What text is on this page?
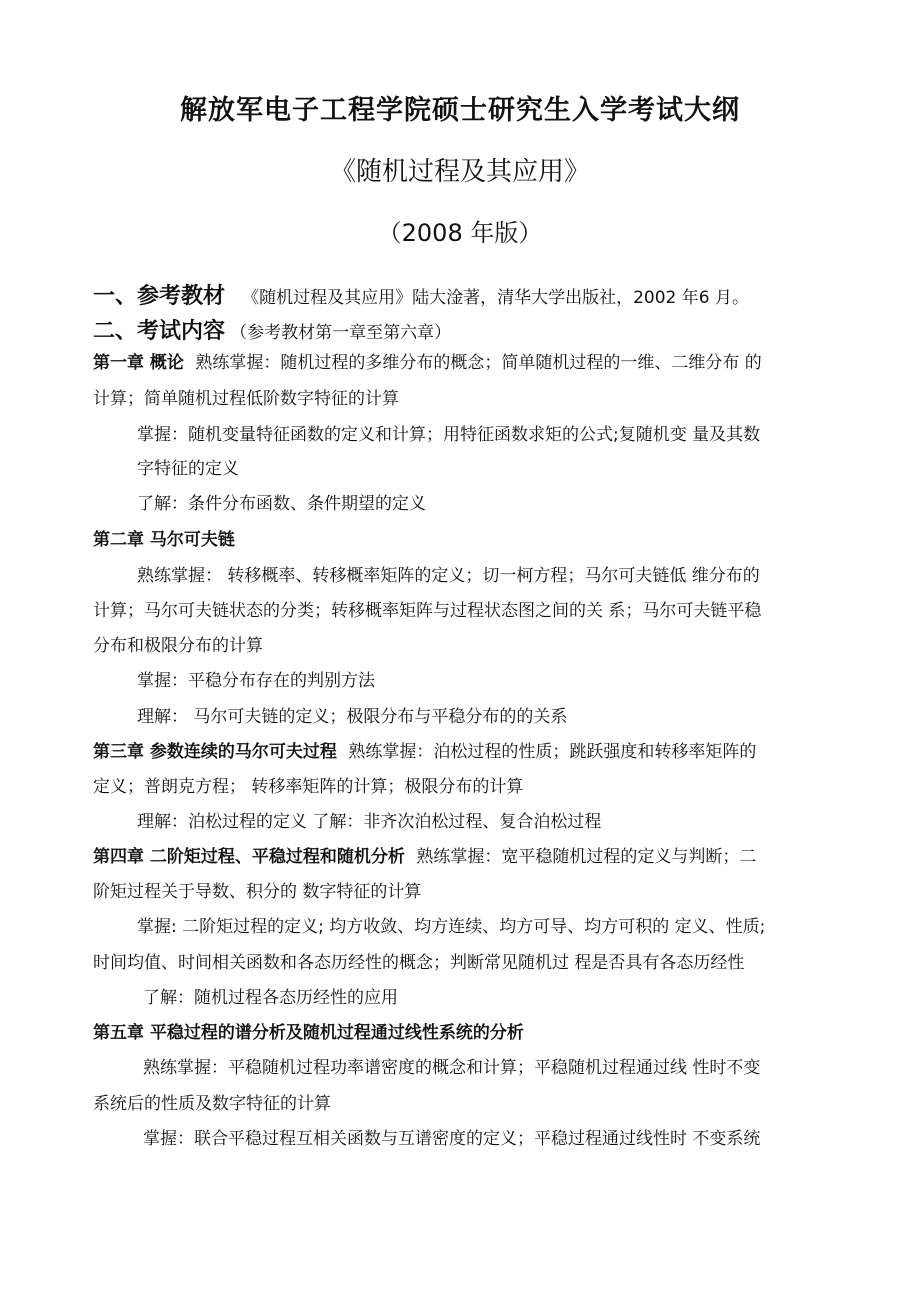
解放军电子工程学院硕士研究生入学考试大纲
《随机过程及其应用》
（2008 年版）
一、参考教材 《随机过程及其应用》陆大淦著，清华大学出版社，2002 年6 月。
二、考试内容 （参考教材第一章至第六章）
第一章 概论 熟练掌握：随机过程的多维分布的概念；简单随机过程的一维、二维分布 的
计算；简单随机过程低阶数字特征的计算
掌握：随机变量特征函数的定义和计算；用特征函数求矩的公式;复随机变 量及其数
字特征的定义
了解：条件分布函数、条件期望的定义
第二章 马尔可夫链
熟练掌握： 转移概率、转移概率矩阵的定义；切一柯方程；马尔可夫链低 维分布的
计算；马尔可夫链状态的分类；转移概率矩阵与过程状态图之间的关 系；马尔可夫链平稳
分布和极限分布的计算
掌握：平稳分布存在的判别方法
理解： 马尔可夫链的定义；极限分布与平稳分布的的关系
第三章 参数连续的马尔可夫过程 熟练掌握：泊松过程的性质；跳跃强度和转移率矩阵的
定义；普朗克方程； 转移率矩阵的计算；极限分布的计算
理解：泊松过程的定义 了解：非齐次泊松过程、复合泊松过程
第四章 二阶矩过程、平稳过程和随机分析 熟练掌握：宽平稳随机过程的定义与判断；二
阶矩过程关于导数、积分的 数字特征的计算
掌握: 二阶矩过程的定义; 均方收敛、均方连续、均方可导、均方可积的 定义、性质;
时间均值、时间相关函数和各态历经性的概念；判断常见随机过 程是否具有各态历经性
了解：随机过程各态历经性的应用
第五章 平稳过程的谱分析及随机过程通过线性系统的分析
熟练掌握：平稳随机过程功率谱密度的概念和计算；平稳随机过程通过线 性时不变
系统后的性质及数字特征的计算
掌握：联合平稳过程互相关函数与互谱密度的定义；平稳过程通过线性时 不变系统
